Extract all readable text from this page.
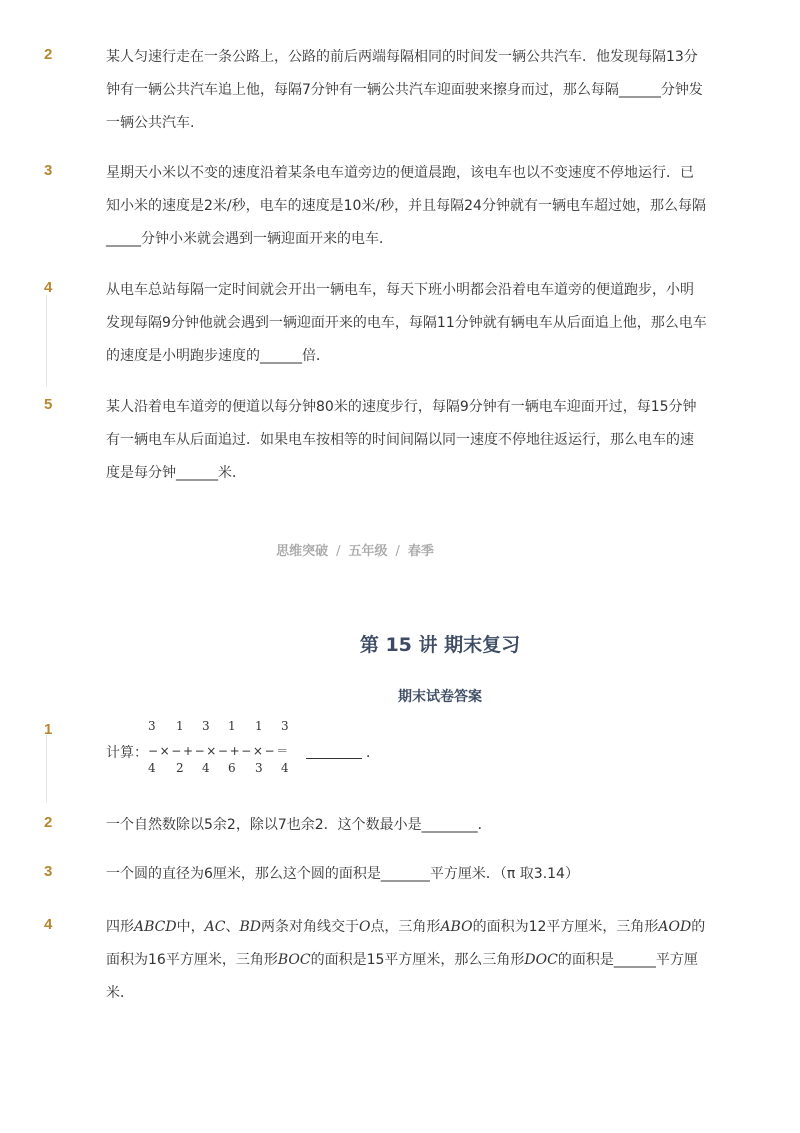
2	某人匀速行走在一条公路上，公路的前后两端每隔相同的时间发一辆公共汽车．他发现每隔13分
钟有一辆公共汽车追上他，每隔7分钟有一辆公共汽车迎面驶来擦身而过，那么每隔______分钟发
一辆公共汽车.
3	星期天小米以不变的速度沿着某条电车道旁边的便道晨跑，该电车也以不变速度不停地运行．已
知小米的速度是2米/秒，电车的速度是10米/秒，并且每隔24分钟就有一辆电车超过她，那么每隔
_____分钟小米就会遇到一辆迎面开来的电车．
4	从电车总站每隔一定时间就会开出一辆电车，每天下班小明都会沿着电车道旁的便道跑步，小明
发现每隔9分钟他就会遇到一辆迎面开来的电车，每隔11分钟就有辆电车从后面追上他，那么电车
的速度是小明跑步速度的______倍．
5	某人沿着电车道旁的便道以每分钟80米的速度步行，每隔9分钟有一辆电车迎面开过，每15分钟
有一辆电车从后面追过．如果电车按相等的时间间隔以同一速度不停地往返运行，那么电车的速
度是每分钟______米．
思维突破 / 五年级 / 春季
第 15 讲 期末复习
期末试卷答案
1	3 1 3 1 1 3
计算： −×−+−×−+−×−＝	．
4 2 4 6 3 4
2	一个自然数除以5余2，除以7也余2．这个数最小是________．
3	一个圆的直径为6厘米，那么这个圆的面积是_______平方厘米．（π 取3.14）
4	四形ABCD中，AC、BD两条对角线交于O点，三角形ABO的面积为12平方厘米，三角形AOD的
面积为16平方厘米，三角形BOC的面积是15平方厘米，那么三角形DOC的面积是______平方厘
米．
